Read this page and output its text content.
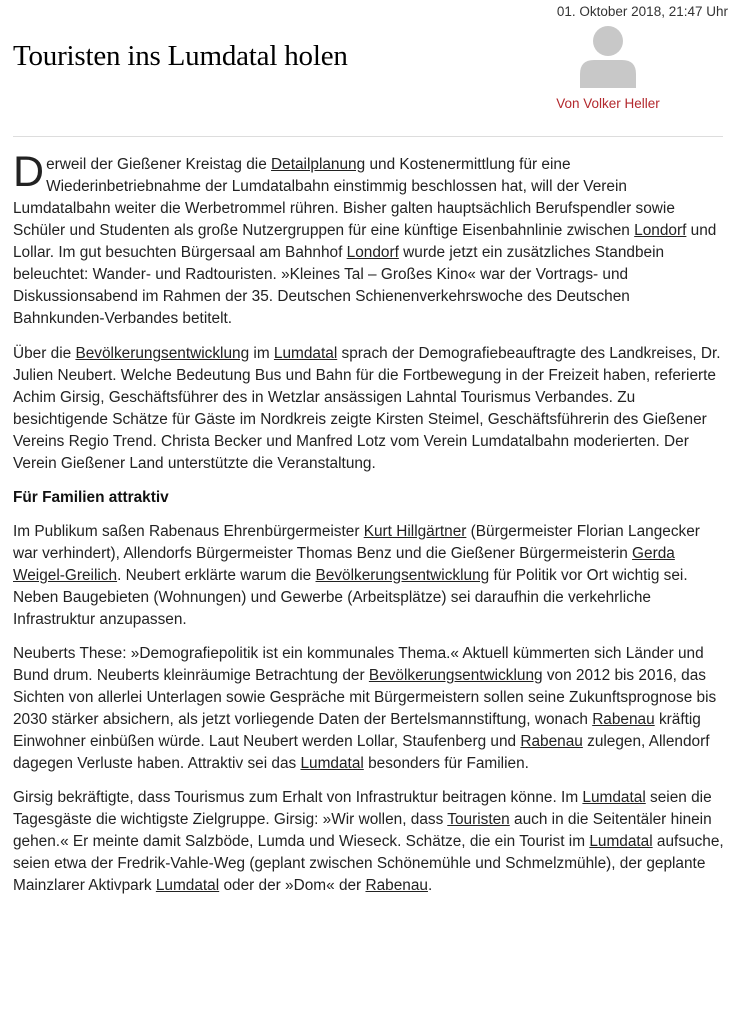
01. Oktober 2018, 21:47 Uhr
Touristen ins Lumdatal holen
Von Volker Heller

Derweil der Gießener Kreistag die Detailplanung und Kostenermittlung für eine Wiederinbetriebnahme der Lumdatalbahn einstimmig beschlossen hat, will der Verein Lumdatalbahn weiter die Werbetrommel rühren. Bisher galten hauptsächlich Berufspendler sowie Schüler und Studenten als große Nutzergruppen für eine künftige Eisenbahnlinie zwischen Londorf und Lollar. Im gut besuchten Bürgersaal am Bahnhof Londorf wurde jetzt ein zusätzliches Standbein beleuchtet: Wander- und Radtouristen. »Kleines Tal – Großes Kino« war der Vortrags- und Diskussionsabend im Rahmen der 35. Deutschen Schienenverkehrswoche des Deutschen Bahnkunden-Verbandes betitelt.

Über die Bevölkerungsentwicklung im Lumdatal sprach der Demografiebeauftragte des Landkreises, Dr. Julien Neubert. Welche Bedeutung Bus und Bahn für die Fortbewegung in der Freizeit haben, referierte Achim Girsig, Geschäftsführer des in Wetzlar ansässigen Lahntal Tourismus Verbandes. Zu besichtigende Schätze für Gäste im Nordkreis zeigte Kirsten Steimel, Geschäftsführerin des Gießener Vereins Regio Trend. Christa Becker und Manfred Lotz vom Verein Lumdatalbahn moderierten. Der Verein Gießener Land unterstützte die Veranstaltung.

Für Familien attraktiv

Im Publikum saßen Rabenaus Ehrenbürgermeister Kurt Hillgärtner (Bürgermeister Florian Langecker war verhindert), Allendorfs Bürgermeister Thomas Benz und die Gießener Bürgermeisterin Gerda Weigel-Greilich. Neubert erklärte warum die Bevölkerungsentwicklung für Politik vor Ort wichtig sei. Neben Baugebieten (Wohnungen) und Gewerbe (Arbeitsplätze) sei daraufhin die verkehrliche Infrastruktur anzupassen.

Neuberts These: »Demografiepolitik ist ein kommunales Thema.« Aktuell kümmerten sich Länder und Bund drum. Neuberts kleinräumige Betrachtung der Bevölkerungsentwicklung von 2012 bis 2016, das Sichten von allerlei Unterlagen sowie Gespräche mit Bürgermeistern sollen seine Zukunftsprognose bis 2030 stärker absichern, als jetzt vorliegende Daten der Bertelsmannstiftung, wonach Rabenau kräftig Einwohner einbüßen würde. Laut Neubert werden Lollar, Staufenberg und Rabenau zulegen, Allendorf dagegen Verluste haben. Attraktiv sei das Lumdatal besonders für Familien.

Girsig bekräftigte, dass Tourismus zum Erhalt von Infrastruktur beitragen könne. Im Lumdatal seien die Tagesgäste die wichtigste Zielgruppe. Girsig: »Wir wollen, dass Touristen auch in die Seitentäler hinein gehen.« Er meinte damit Salzböde, Lumda und Wieseck. Schätze, die ein Tourist im Lumdatal aufsuche, seien etwa der Fredrik-Vahle-Weg (geplant zwischen Schönemühle und Schmelzmühle), der geplante Mainzlarer Aktivpark Lumdatal oder der »Dom« der Rabenau.
